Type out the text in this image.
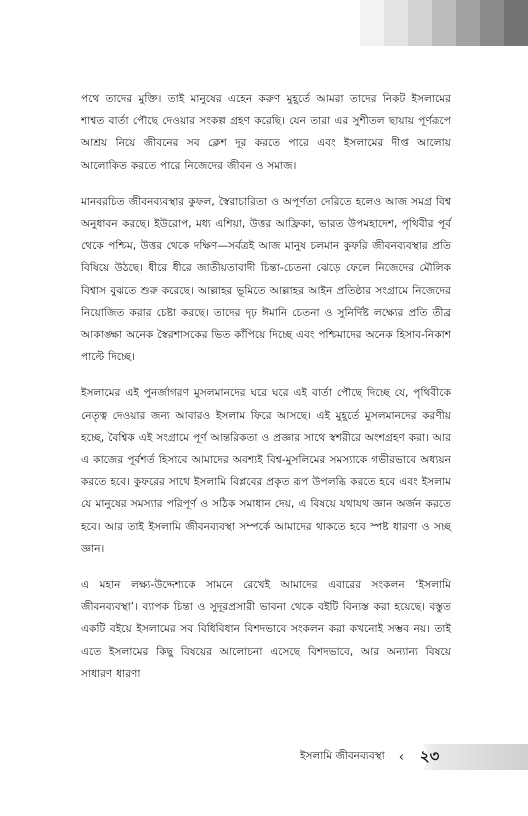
পথে তাদের মুক্তি। তাই মানুষের এহেন করুণ মুহূর্তে আমরা তাদের নিকট ইসলামের শাশ্বত বার্তা পৌছে দেওয়ার সংকল্প গ্রহণ করেছি। যেন তারা এর সুশীতল ছায়ায় পূর্ণরূপে আশ্রয় নিয়ে জীবনের সব ক্লেশ দূর করতে পারে এবং ইসলামের দীপ্ত আলোয় আলোকিত করতে পারে নিজেদের জীবন ও সমাজ।

মানবরচিত জীবনব্যবস্থার কুফল, স্বৈরাচারিতা ও অপূর্ণতা দেরিতে হলেও আজ সমগ্র বিশ্ব অনুধাবন করছে। ইউরোপ, মধ্য এশিয়া, উত্তর আফ্রিকা, ভারত উপমহাদেশ, পৃথিবীর পূর্ব থেকে পশ্চিম, উত্তর থেকে দক্ষিণ—সর্বত্রই আজ মানুষ চলমান কুফরি জীবনব্যবস্থার প্রতি বিষিয়ে উঠছে। ধীরে ধীরে জাতীয়তাবাদী চিন্তা-চেতনা ঝেড়ে ফেলে নিজেদের মৌলিক বিশ্বাস বুঝতে শুরু করেছে। আল্লাহর ভূমিতে আল্লাহর আইন প্রতিষ্ঠার সংগ্রামে নিজেদের নিয়োজিত করার চেষ্টা করছে। তাদের দৃঢ় ঈমানি চেতনা ও সুনির্দিষ্ট লক্ষ্যের প্রতি তীব্র আকাঙ্ক্ষা অনেক স্বৈরশাসকের ভিত কাঁপিয়ে দিচ্ছে এবং পশ্চিমাদের অনেক হিসাব-নিকাশ পাল্টে দিচ্ছে।

ইসলামের এই পুনর্জাগরণ মুসলমানদের ঘরে ঘরে এই বার্তা পৌছে দিচ্ছে যে, পৃথিবীকে নেতৃত্ব দেওয়ার জন্য আবারও ইসলাম ফিরে আসছে। এই মুহূর্তে মুসলমানদের করণীয় হচ্ছে, বৈশ্বিক এই সংগ্রামে পূর্ণ আন্তরিকতা ও প্রজ্ঞার সাথে স্বশরীরে অংশগ্রহণ করা। আর এ কাজের পূর্বশর্ত হিসাবে আমাদের অবশ্যই বিশ্ব-মুসলিমের সমস্যাকে গভীরভাবে অধ্যয়ন করতে হবে। কুফরের সাথে ইসলামি বিপ্লবের প্রকৃত রূপ উপলব্ধি করতে হবে এবং ইসলাম যে মানুষের সমস্যার পরিপূর্ণ ও সঠিক সমাধান দেয়, এ বিষয়ে যথাযথ জ্ঞান অর্জন করতে হবে। আর তাই ইসলামি জীবনব্যবস্থা সম্পর্কে আমাদের থাকতে হবে স্পষ্ট ধারণা ও সচ্ছ জ্ঞান।

এ মহান লক্ষ্য-উদ্দেশ্যকে সামনে রেখেই আমাদের এবারের সংকলন ‘ইসলামি জীবনব্যবস্থা’। ব্যাপক চিন্তা ও সুদূরপ্রসারী ভাবনা থেকে বইটি বিন্যস্ত করা হয়েছে। বস্তুত একটি বইয়ে ইসলামের সব বিধিবিধান বিশদভাবে সংকলন করা কখনোই সম্ভব নয়। তাই এতে ইসলামের কিছু বিষয়ের আলোচনা এসেছে বিশদভাবে, আর অন্যান্য বিষয়ে সাধারণ ধারণা

ইসলামি জীবনব্যবস্থা ‹ ২৩
